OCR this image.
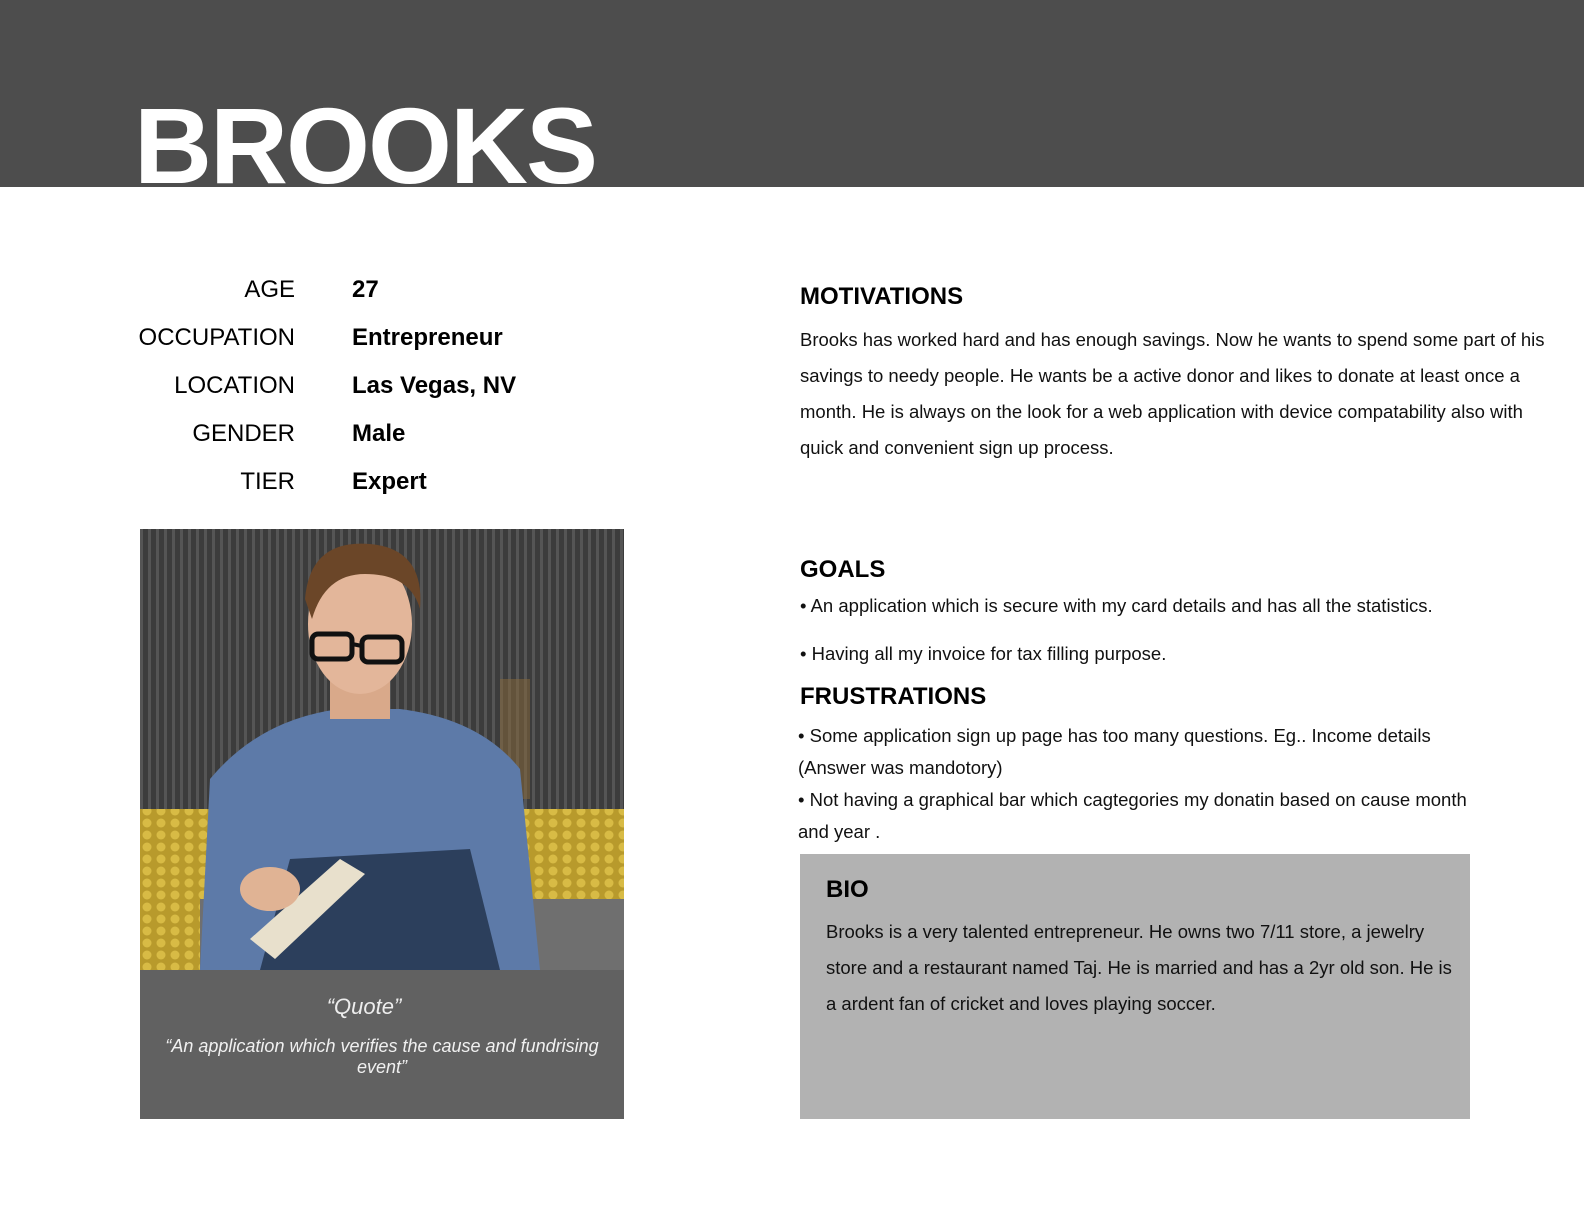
BROOKS
AGE 27
OCCUPATION Entrepreneur
LOCATION Las Vegas, NV
GENDER Male
TIER Expert
“Quote”
“An application which verifies the cause and fundrising event”
MOTIVATIONS

Brooks has worked hard and has enough savings. Now he wants to spend some part of his savings to needy people. He wants be a active donor and likes to donate at least once a month. He is always on the look for a web application with device compatability also with quick and convenient sign up process.

GOALS

• An application which is secure with my card details and has all the statistics.

• Having all my invoice for tax filling purpose.

FRUSTRATIONS

• Some application sign up page has too many questions. Eg.. Income details (Answer was mandotory)

• Not having a graphical bar which cagtegories my donatin based on cause month and year .

BIO

Brooks is a very talented entrepreneur. He owns two 7/11 store, a jewelry store and a restaurant named Taj. He is married and has a 2yr old son. He is a ardent fan of cricket and loves playing soccer.
